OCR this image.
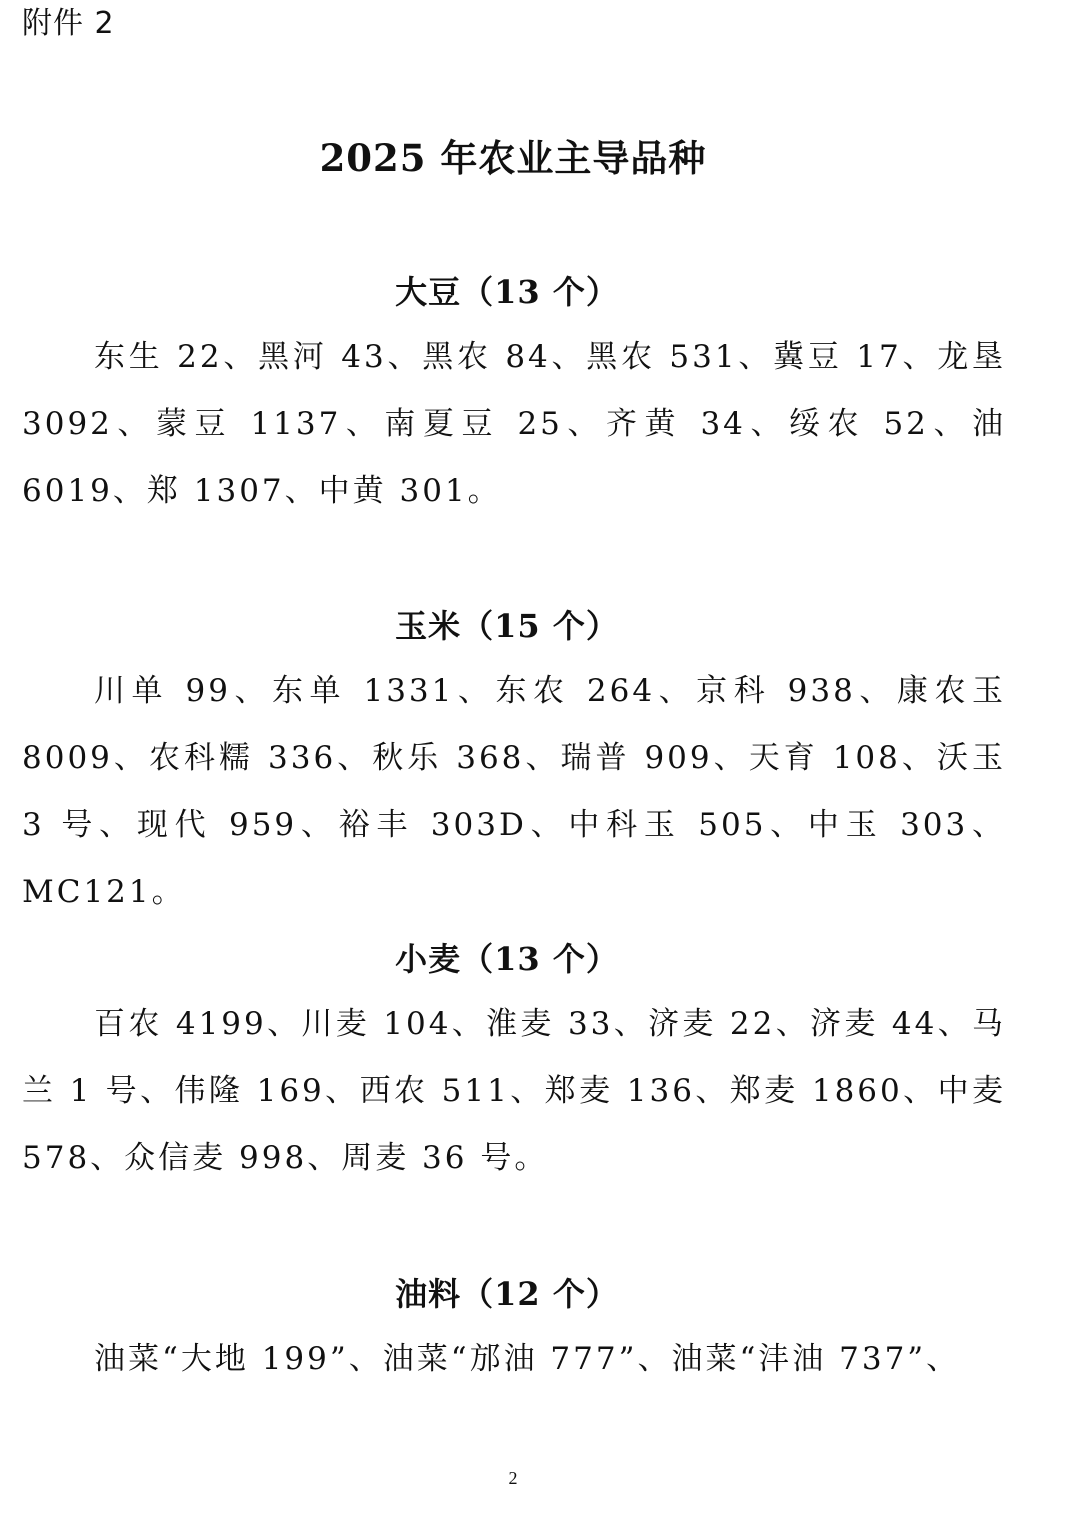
附件 2
2025 年农业主导品种
大豆（13 个）

东生 22、黑河 43、黑农 84、黑农 531、冀豆 17、龙垦 3092、蒙豆 1137、南夏豆 25、齐黄 34、绥农 52、油 6019、郑 1307、中黄 301。

玉米（15 个）

川单 99、东单 1331、东农 264、京科 938、康农玉 8009、农科糯 336、秋乐 368、瑞普 909、天育 108、沃玉 3 号、现代 959、裕丰 303D、中科玉 505、中玉 303、MC121。

小麦（13 个）

百农 4199、川麦 104、淮麦 33、济麦 22、济麦 44、马兰 1 号、伟隆 169、西农 511、郑麦 136、郑麦 1860、中麦 578、众信麦 998、周麦 36 号。

油料（12 个）

油菜“大地 199”、油菜“邡油 777”、油菜“沣油 737”、

2
